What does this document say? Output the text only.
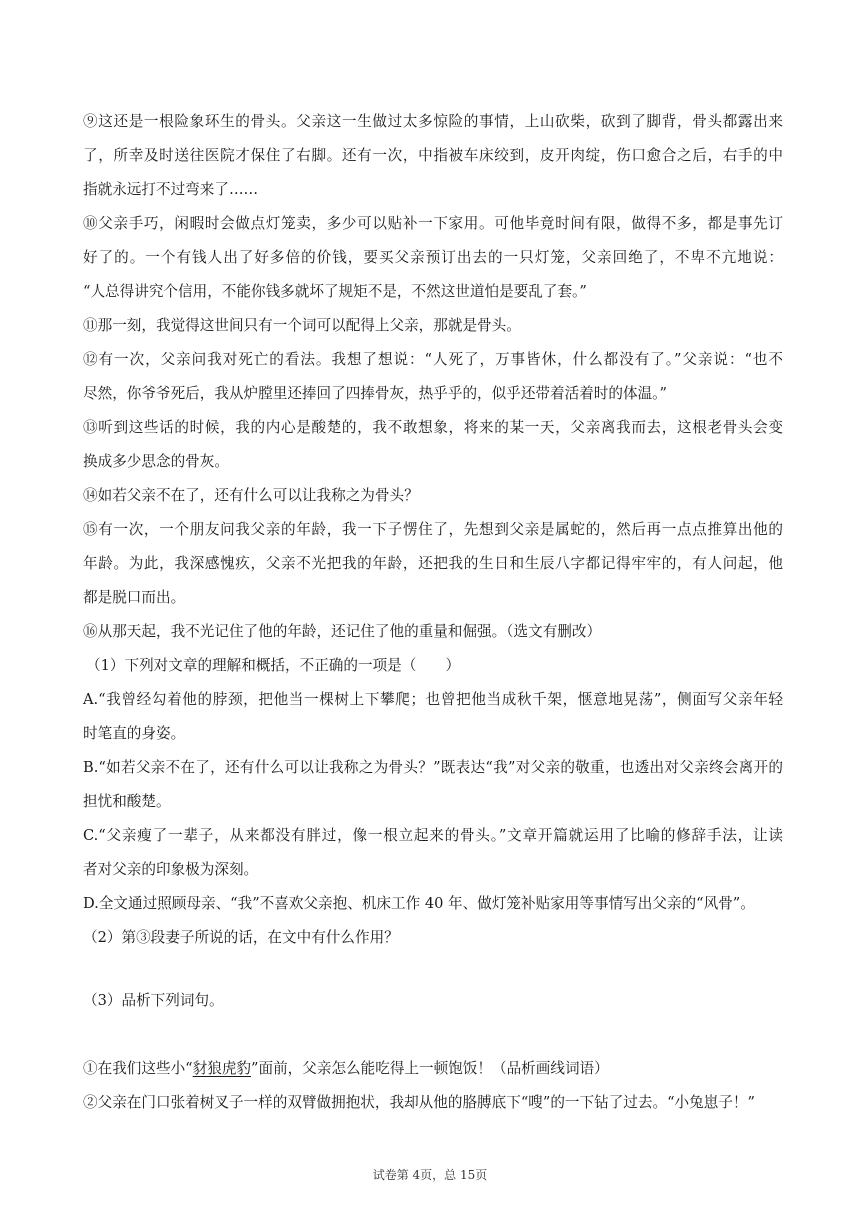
⑨这还是一根险象环生的骨头。父亲这一生做过太多惊险的事情，上山砍柴，砍到了脚背，骨头都露出来
了，所幸及时送往医院才保住了右脚。还有一次，中指被车床绞到，皮开肉绽，伤口愈合之后，右手的中
指就永远打不过弯来了……
⑩父亲手巧，闲暇时会做点灯笼卖，多少可以贴补一下家用。可他毕竟时间有限，做得不多，都是事先订
好了的。一个有钱人出了好多倍的价钱，要买父亲预订出去的一只灯笼，父亲回绝了，不卑不亢地说：
“人总得讲究个信用，不能你钱多就坏了规矩不是，不然这世道怕是要乱了套。”
⑪那一刻，我觉得这世间只有一个词可以配得上父亲，那就是骨头。
⑫有一次，父亲问我对死亡的看法。我想了想说：“人死了，万事皆休，什么都没有了。”父亲说：“也不
尽然，你爷爷死后，我从炉膛里还捧回了四捧骨灰，热乎乎的，似乎还带着活着时的体温。”
⑬听到这些话的时候，我的内心是酸楚的，我不敢想象，将来的某一天，父亲离我而去，这根老骨头会变
换成多少思念的骨灰。
⑭如若父亲不在了，还有什么可以让我称之为骨头？
⑮有一次，一个朋友问我父亲的年龄，我一下子愣住了，先想到父亲是属蛇的，然后再一点点推算出他的
年龄。为此，我深感愧疚，父亲不光把我的年龄，还把我的生日和生辰八字都记得牢牢的，有人问起，他
都是脱口而出。
⑯从那天起，我不光记住了他的年龄，还记住了他的重量和倔强。（选文有删改）
（1）下列对文章的理解和概括，不正确的一项是（　　）
A.“我曾经勾着他的脖颈，把他当一棵树上下攀爬；也曾把他当成秋千架，惬意地晃荡”，侧面写父亲年轻
时笔直的身姿。
B.“如若父亲不在了，还有什么可以让我称之为骨头？”既表达“我”对父亲的敬重，也透出对父亲终会离开的
担忧和酸楚。
C.“父亲瘦了一辈子，从来都没有胖过，像一根立起来的骨头。”文章开篇就运用了比喻的修辞手法，让读
者对父亲的印象极为深刻。
D.全文通过照顾母亲、“我”不喜欢父亲抱、机床工作 40 年、做灯笼补贴家用等事情写出父亲的“风骨”。
（2）第③段妻子所说的话，在文中有什么作用？
（3）品析下列词句。
①在我们这些小“豺狼虎豹”面前，父亲怎么能吃得上一顿饱饭！（品析画线词语）
②父亲在门口张着树叉子一样的双臂做拥抱状，我却从他的胳膊底下“嗖”的一下钻了过去。“小兔崽子！”
试卷第 4页，总 15页
